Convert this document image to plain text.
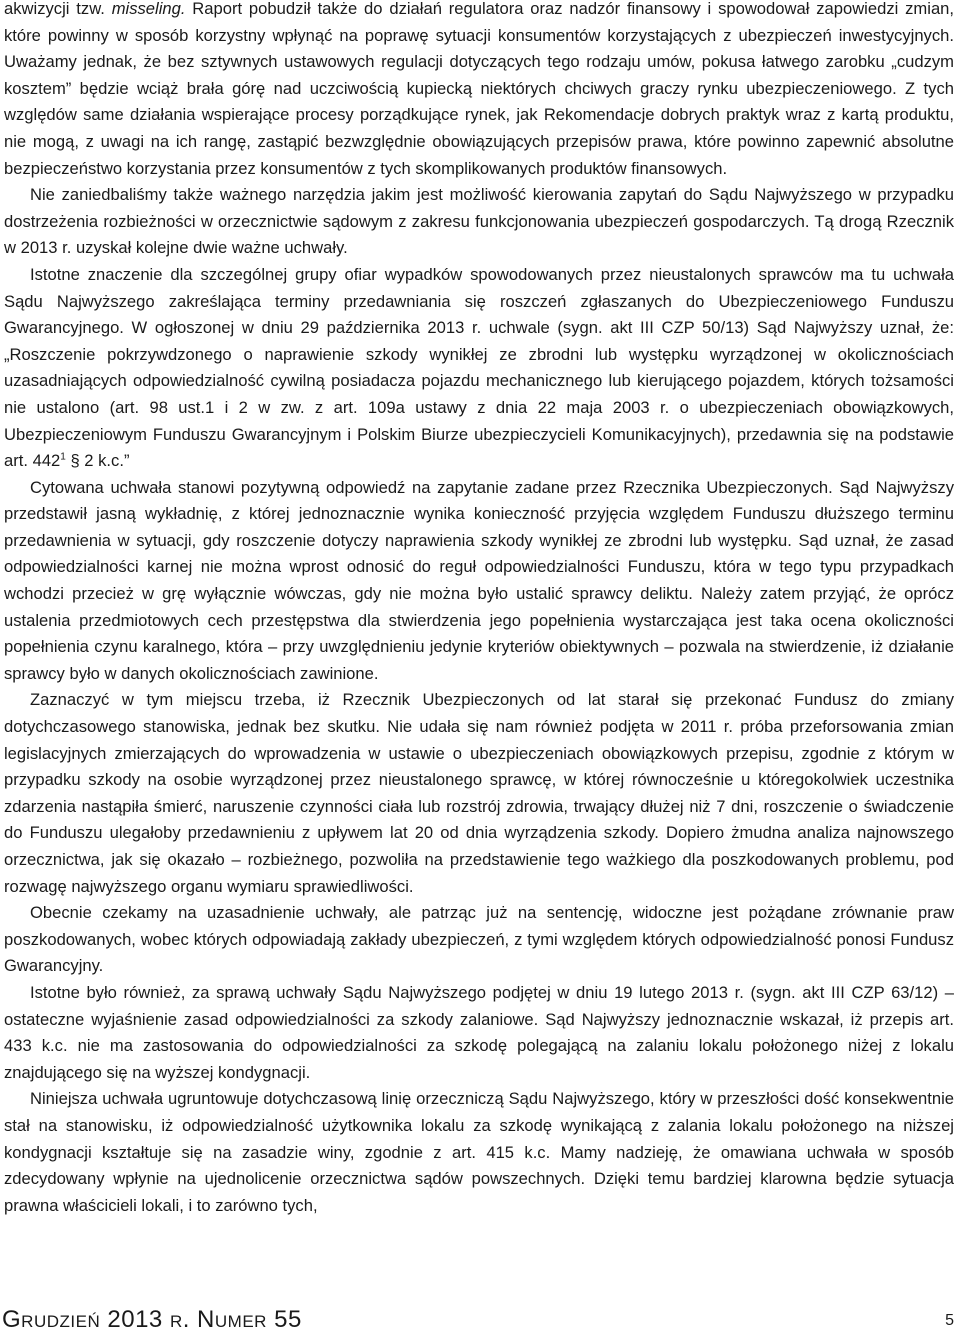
akwizycji tzw. misseling. Raport pobudził także do działań regulatora oraz nadzór finansowy i spowodował zapowiedzi zmian, które powinny w sposób korzystny wpłynąć na poprawę sytuacji konsumentów korzystających z ubezpieczeń inwestycyjnych. Uważamy jednak, że bez sztywnych ustawowych regulacji dotyczących tego rodzaju umów, pokusa łatwego zarobku „cudzym kosztem” będzie wciąż brała górę nad uczciwością kupiecką niektórych chciwych graczy rynku ubezpieczeniowego. Z tych względów same działania wspierające procesy porządkujące rynek, jak Rekomendacje dobrych praktyk wraz z kartą produktu, nie mogą, z uwagi na ich rangę, zastąpić bezwzględnie obowiązujących przepisów prawa, które powinno zapewnić absolutne bezpieczeństwo korzystania przez konsumentów z tych skomplikowanych produktów finansowych.

Nie zaniedbaliśmy także ważnego narzędzia jakim jest możliwość kierowania zapytań do Sądu Najwyższego w przypadku dostrzeżenia rozbieżności w orzecznictwie sądowym z zakresu funkcjonowania ubezpieczeń gospodarczych. Tą drogą Rzecznik w 2013 r. uzyskał kolejne dwie ważne uchwały.

Istotne znaczenie dla szczególnej grupy ofiar wypadków spowodowanych przez nieustalonych sprawców ma tu uchwała Sądu Najwyższego zakreślająca terminy przedawniania się roszczeń zgłaszanych do Ubezpieczeniowego Funduszu Gwarancyjnego. W ogłoszonej w dniu 29 października 2013 r. uchwale (sygn. akt III CZP 50/13) Sąd Najwyższy uznał, że: „Roszczenie pokrzywdzonego o naprawienie szkody wynikłej ze zbrodni lub występku wyrządzonej w okolicznościach uzasadniających odpowiedzialność cywilną posiadacza pojazdu mechanicznego lub kierującego pojazdem, których tożsamości nie ustalono (art. 98 ust.1 i 2 w zw. z art. 109a ustawy z dnia 22 maja 2003 r. o ubezpieczeniach obowiązkowych, Ubezpieczeniowym Funduszu Gwarancyjnym i Polskim Biurze ubezpieczycieli Komunikacyjnych), przedawnia się na podstawie art. $442^1$ § 2 k.c.”

Cytowana uchwała stanowi pozytywną odpowiedź na zapytanie zadane przez Rzecznika Ubezpieczonych. Sąd Najwyższy przedstawił jasną wykładnię, z której jednoznacznie wynika konieczność przyjęcia względem Funduszu dłuższego terminu przedawnienia w sytuacji, gdy roszczenie dotyczy naprawienia szkody wynikłej ze zbrodni lub występku. Sąd uznał, że zasad odpowiedzialności karnej nie można wprost odnosić do reguł odpowiedzialności Funduszu, która w tego typu przypadkach wchodzi przecież w grę wyłącznie wówczas, gdy nie można było ustalić sprawcy deliktu. Należy zatem przyjąć, że oprócz ustalenia przedmiotowych cech przestępstwa dla stwierdzenia jego popełnienia wystarczająca jest taka ocena okoliczności popełnienia czynu karalnego, która – przy uwzględnieniu jedynie kryteriów obiektywnych – pozwala na stwierdzenie, iż działanie sprawcy było w danych okolicznościach zawinione.

Zaznaczyć w tym miejscu trzeba, iż Rzecznik Ubezpieczonych od lat starał się przekonać Fundusz do zmiany dotychczasowego stanowiska, jednak bez skutku. Nie udała się nam również podjęta w 2011 r. próba przeforsowania zmian legislacyjnych zmierzających do wprowadzenia w ustawie o ubezpieczeniach obowiązkowych przepisu, zgodnie z którym w przypadku szkody na osobie wyrządzonej przez nieustalonego sprawcę, w której równocześnie u któregokolwiek uczestnika zdarzenia nastąpiła śmierć, naruszenie czynności ciała lub rozstrój zdrowia, trwający dłużej niż 7 dni, roszczenie o świadczenie do Funduszu ulegałoby przedawnieniu z upływem lat 20 od dnia wyrządzenia szkody. Dopiero żmudna analiza najnowszego orzecznictwa, jak się okazało – rozbieżnego, pozwoliła na przedstawienie tego ważkiego dla poszkodowanych problemu, pod rozwagę najwyższego organu wymiaru sprawiedliwości.

Obecnie czekamy na uzasadnienie uchwały, ale patrząc już na sentencję, widoczne jest pożądane zrównanie praw poszkodowanych, wobec których odpowiadają zakłady ubezpieczeń, z tymi względem których odpowiedzialność ponosi Fundusz Gwarancyjny.

Istotne było również, za sprawą uchwały Sądu Najwyższego podjętej w dniu 19 lutego 2013 r. (sygn. akt III CZP 63/12) – ostateczne wyjaśnienie zasad odpowiedzialności za szkody zalaniowe. Sąd Najwyższy jednoznacznie wskazał, iż przepis art. 433 k.c. nie ma zastosowania do odpowiedzialności za szkodę polegającą na zalaniu lokalu położonego niżej z lokalu znajdującego się na wyższej kondygnacji.

Niniejsza uchwała ugruntowuje dotychczasową linię orzeczniczą Sądu Najwyższego, który w przeszłości dość konsekwentnie stał na stanowisku, iż odpowiedzialność użytkownika lokalu za szkodę wynikającą z zalania lokalu położonego na niższej kondygnacji kształtuje się na zasadzie winy, zgodnie z art. 415 k.c. Mamy nadzieję, że omawiana uchwała w sposób zdecydowany wpłynie na ujednolicenie orzecznictwa sądów powszechnych. Dzięki temu bardziej klarowna będzie sytuacja prawna właścicieli lokali, i to zarówno tych,

Grudzień 2013 r. Numer 55	5
